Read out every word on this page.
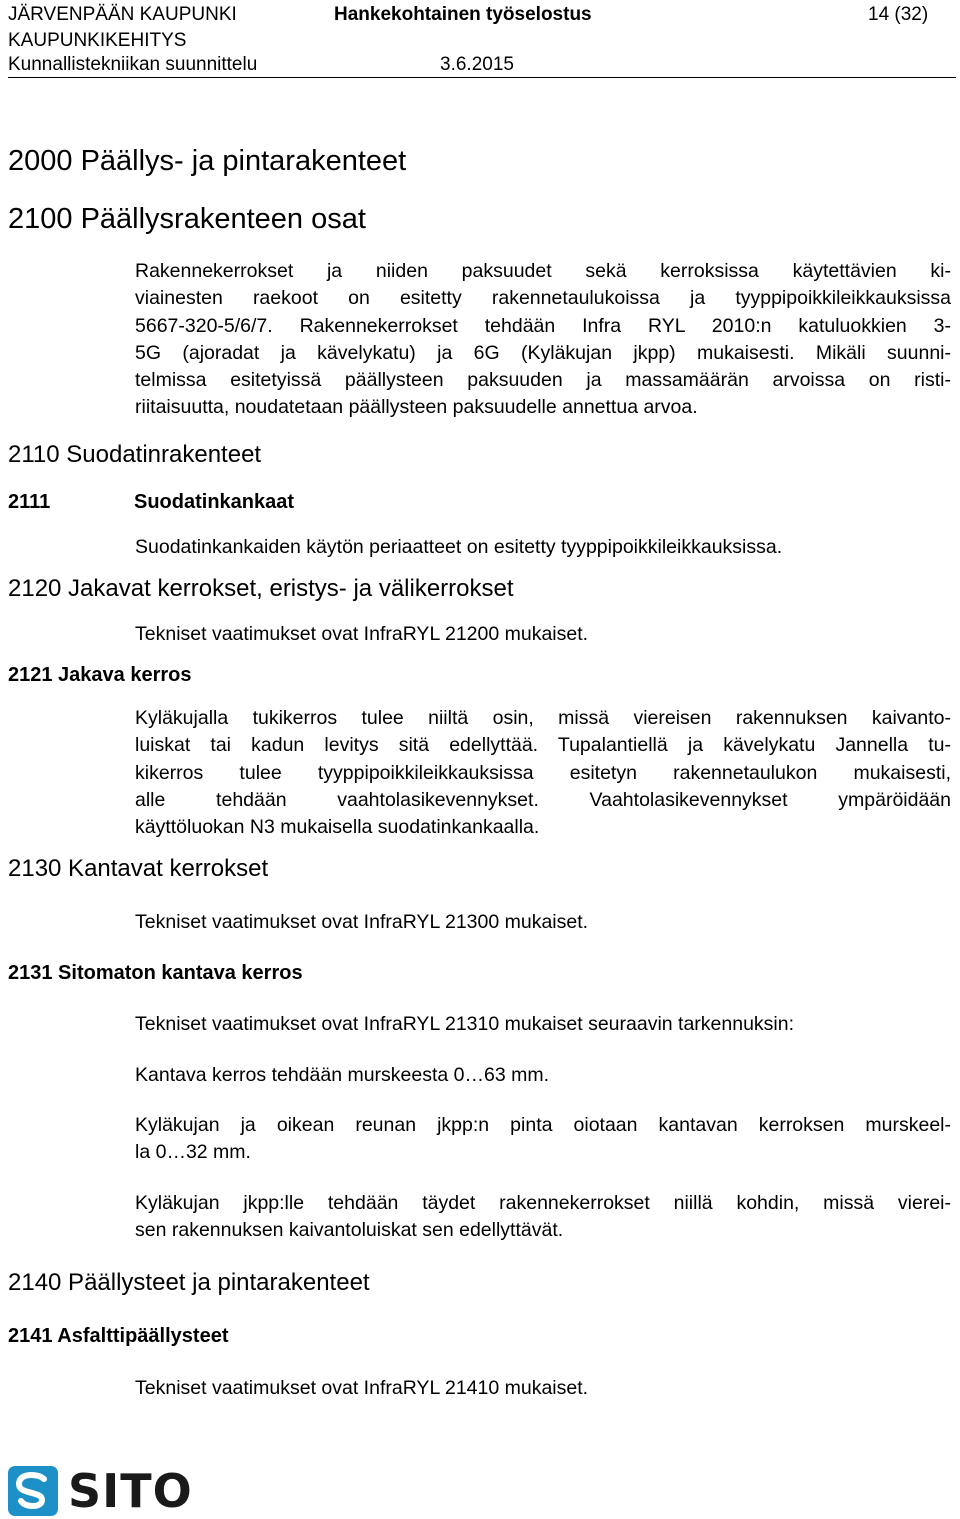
JÄRVENPÄÄN KAUPUNKI
KAUPUNKIKEHITYS
Kunnallistekniikan suunnittelu
Hankekohtainen työselostus
3.6.2015
14 (32)
2000 Päällys- ja pintarakenteet
2100 Päällysrakenteen osat
Rakennekerrokset ja niiden paksuudet sekä kerroksissa käytettävien ki-
viainesten raekoot on esitetty rakennetaulukoissa ja tyyppipoikkileikkauksissa
5667-320-5/6/7. Rakennekerrokset tehdään Infra RYL 2010:n katuluokkien 3-
5G (ajoradat ja kävelykatu) ja 6G (Kyläkujan jkpp) mukaisesti. Mikäli suunni-
telmissa esitetyissä päällysteen paksuuden ja massamäärän arvoissa on risti-
riitaisuutta, noudatetaan päällysteen paksuudelle annettua arvoa.
2110 Suodatinrakenteet
2111	Suodatinkankaat
Suodatinkankaiden käytön periaatteet on esitetty tyyppipoikkileikkauksissa.
2120 Jakavat kerrokset, eristys- ja välikerrokset
Tekniset vaatimukset ovat InfraRYL 21200 mukaiset.
2121 Jakava kerros
Kyläkujalla tukikerros tulee niiltä osin, missä viereisen rakennuksen kaivanto-
luiskat tai kadun levitys sitä edellyttää. Tupalantiellä ja kävelykatu Jannella tu-
kikerros tulee tyyppipoikkileikkauksissa esitetyn rakennetaulukon mukaisesti,
alle tehdään vaahtolasikevennykset. Vaahtolasikevennykset ympäröidään
käyttöluokan N3 mukaisella suodatinkankaalla.
2130 Kantavat kerrokset
Tekniset vaatimukset ovat InfraRYL 21300 mukaiset.
2131 Sitomaton kantava kerros
Tekniset vaatimukset ovat InfraRYL 21310 mukaiset seuraavin tarkennuksin:
Kantava kerros tehdään murskeesta 0…63 mm.
Kyläkujan ja oikean reunan jkpp:n pinta oiotaan kantavan kerroksen murskeel-
la 0…32 mm.
Kyläkujan jkpp:lle tehdään täydet rakennekerrokset niillä kohdin, missä vierei-
sen rakennuksen kaivantoluiskat sen edellyttävät.
2140 Päällysteet ja pintarakenteet
2141 Asfalttipäällysteet
Tekniset vaatimukset ovat InfraRYL 21410 mukaiset.
SITO
